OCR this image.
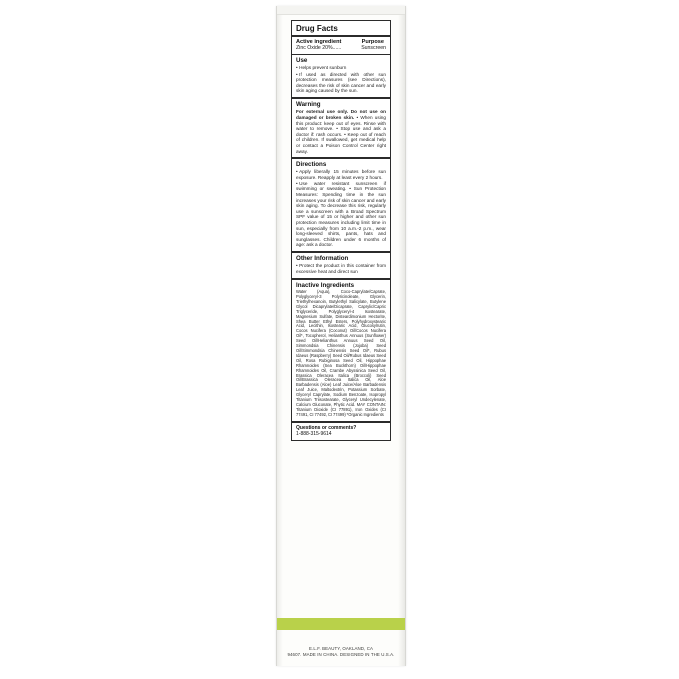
Drug Facts
Active ingredient	Purpose
Zinc Oxide 20%......	Sunscreen
Use
• Helps prevent sunburn
• If used as directed with other sun protection measures (see Directions), decreases the risk of skin cancer and early skin aging caused by the sun.
Warning
For external use only. Do not use on damaged or broken skin. • When using this product: keep out of eyes. Rinse with water to remove. • Stop use and ask a doctor if: rash occurs. • Keep out of reach of children. If swallowed, get medical help or contact a Poison Control Center right away.
Directions
• Apply liberally 15 minutes before sun exposure. Reapply at least every 2 hours.
• Use water resistant sunscreen if swimming or sweating. • Sun Protection Measures: Spending time in the sun increases your risk of skin cancer and early skin aging. To decrease this risk, regularly use a sunscreen with a Broad Spectrum SPF value of 15 or higher and other sun protection measures including limit time in sun, especially from 10 a.m.-2 p.m., wear long-sleeved shirts, pants, hats and sunglasses. Children under 6 months of age: ask a doctor.
Other Information
• Protect the product in this container from excessive heat and direct sun
Inactive Ingredients
Water (Aqua), Coco-Caprylate/Caprate, Polyglyceryl-3 Polyricinoleate, Glycerin, Triethylhexanoin, Butylethyl Salicylate, Butylene Glycol Dicaprylate/Dicaprate, Caprylic/Capric Triglyceride, Polyglyceryl-4 Isostearate, Magnesium Sulfate, Disteardimonium Hectorite, Shea Butter Ethyl Esters, Polyhydroxystearic Acid, Lecithin, Isostearic Acid, Glucosylrutin, Cocos Nucifera (Coconut) Oil/Cocos Nucifera Oil*, Tocopherol, Helianthus Annuus (Sunflower) Seed Oil/Helianthus Annuus Seed Oil, Simmondsia Chinensis (Jojoba) Seed Oil/Simmondsia Chinensis Seed Oil*, Rubus Idaeus (Raspberry) Seed Oil/Rubus Idaeus Seed Oil, Rosa Rubiginosa Seed Oil, Hippophae Rhamnoides (Sea Buckthorn) Oil/Hippophae Rhamnoides Oil, Crambe Abyssinica Seed Oil, Brassica Oleracea Italica (Broccoli) Seed Oil/Brassica Oleracea Italica Oil, Aloe Barbadensis (Aloe) Leaf Juice/Aloe Barbadensis Leaf Juice, Maltodextrin, Potassium Sorbate, Glyceryl Caprylate, Sodium Benzoate, Isopropyl Titanium Triisostearate, Glyceryl Undecylenate, Calcium Gluconate, Phytic Acid. MAY CONTAIN: Titanium Dioxide (CI 77891), Iron Oxides (CI 77491, CI 77492, CI 77499) *Organic Ingredients
Questions or comments?
1-888-315-9614
E.L.F. BEAUTY, OAKLAND, CA
94607. MADE IN CHINA. DESIGNED IN THE U.S.A.
